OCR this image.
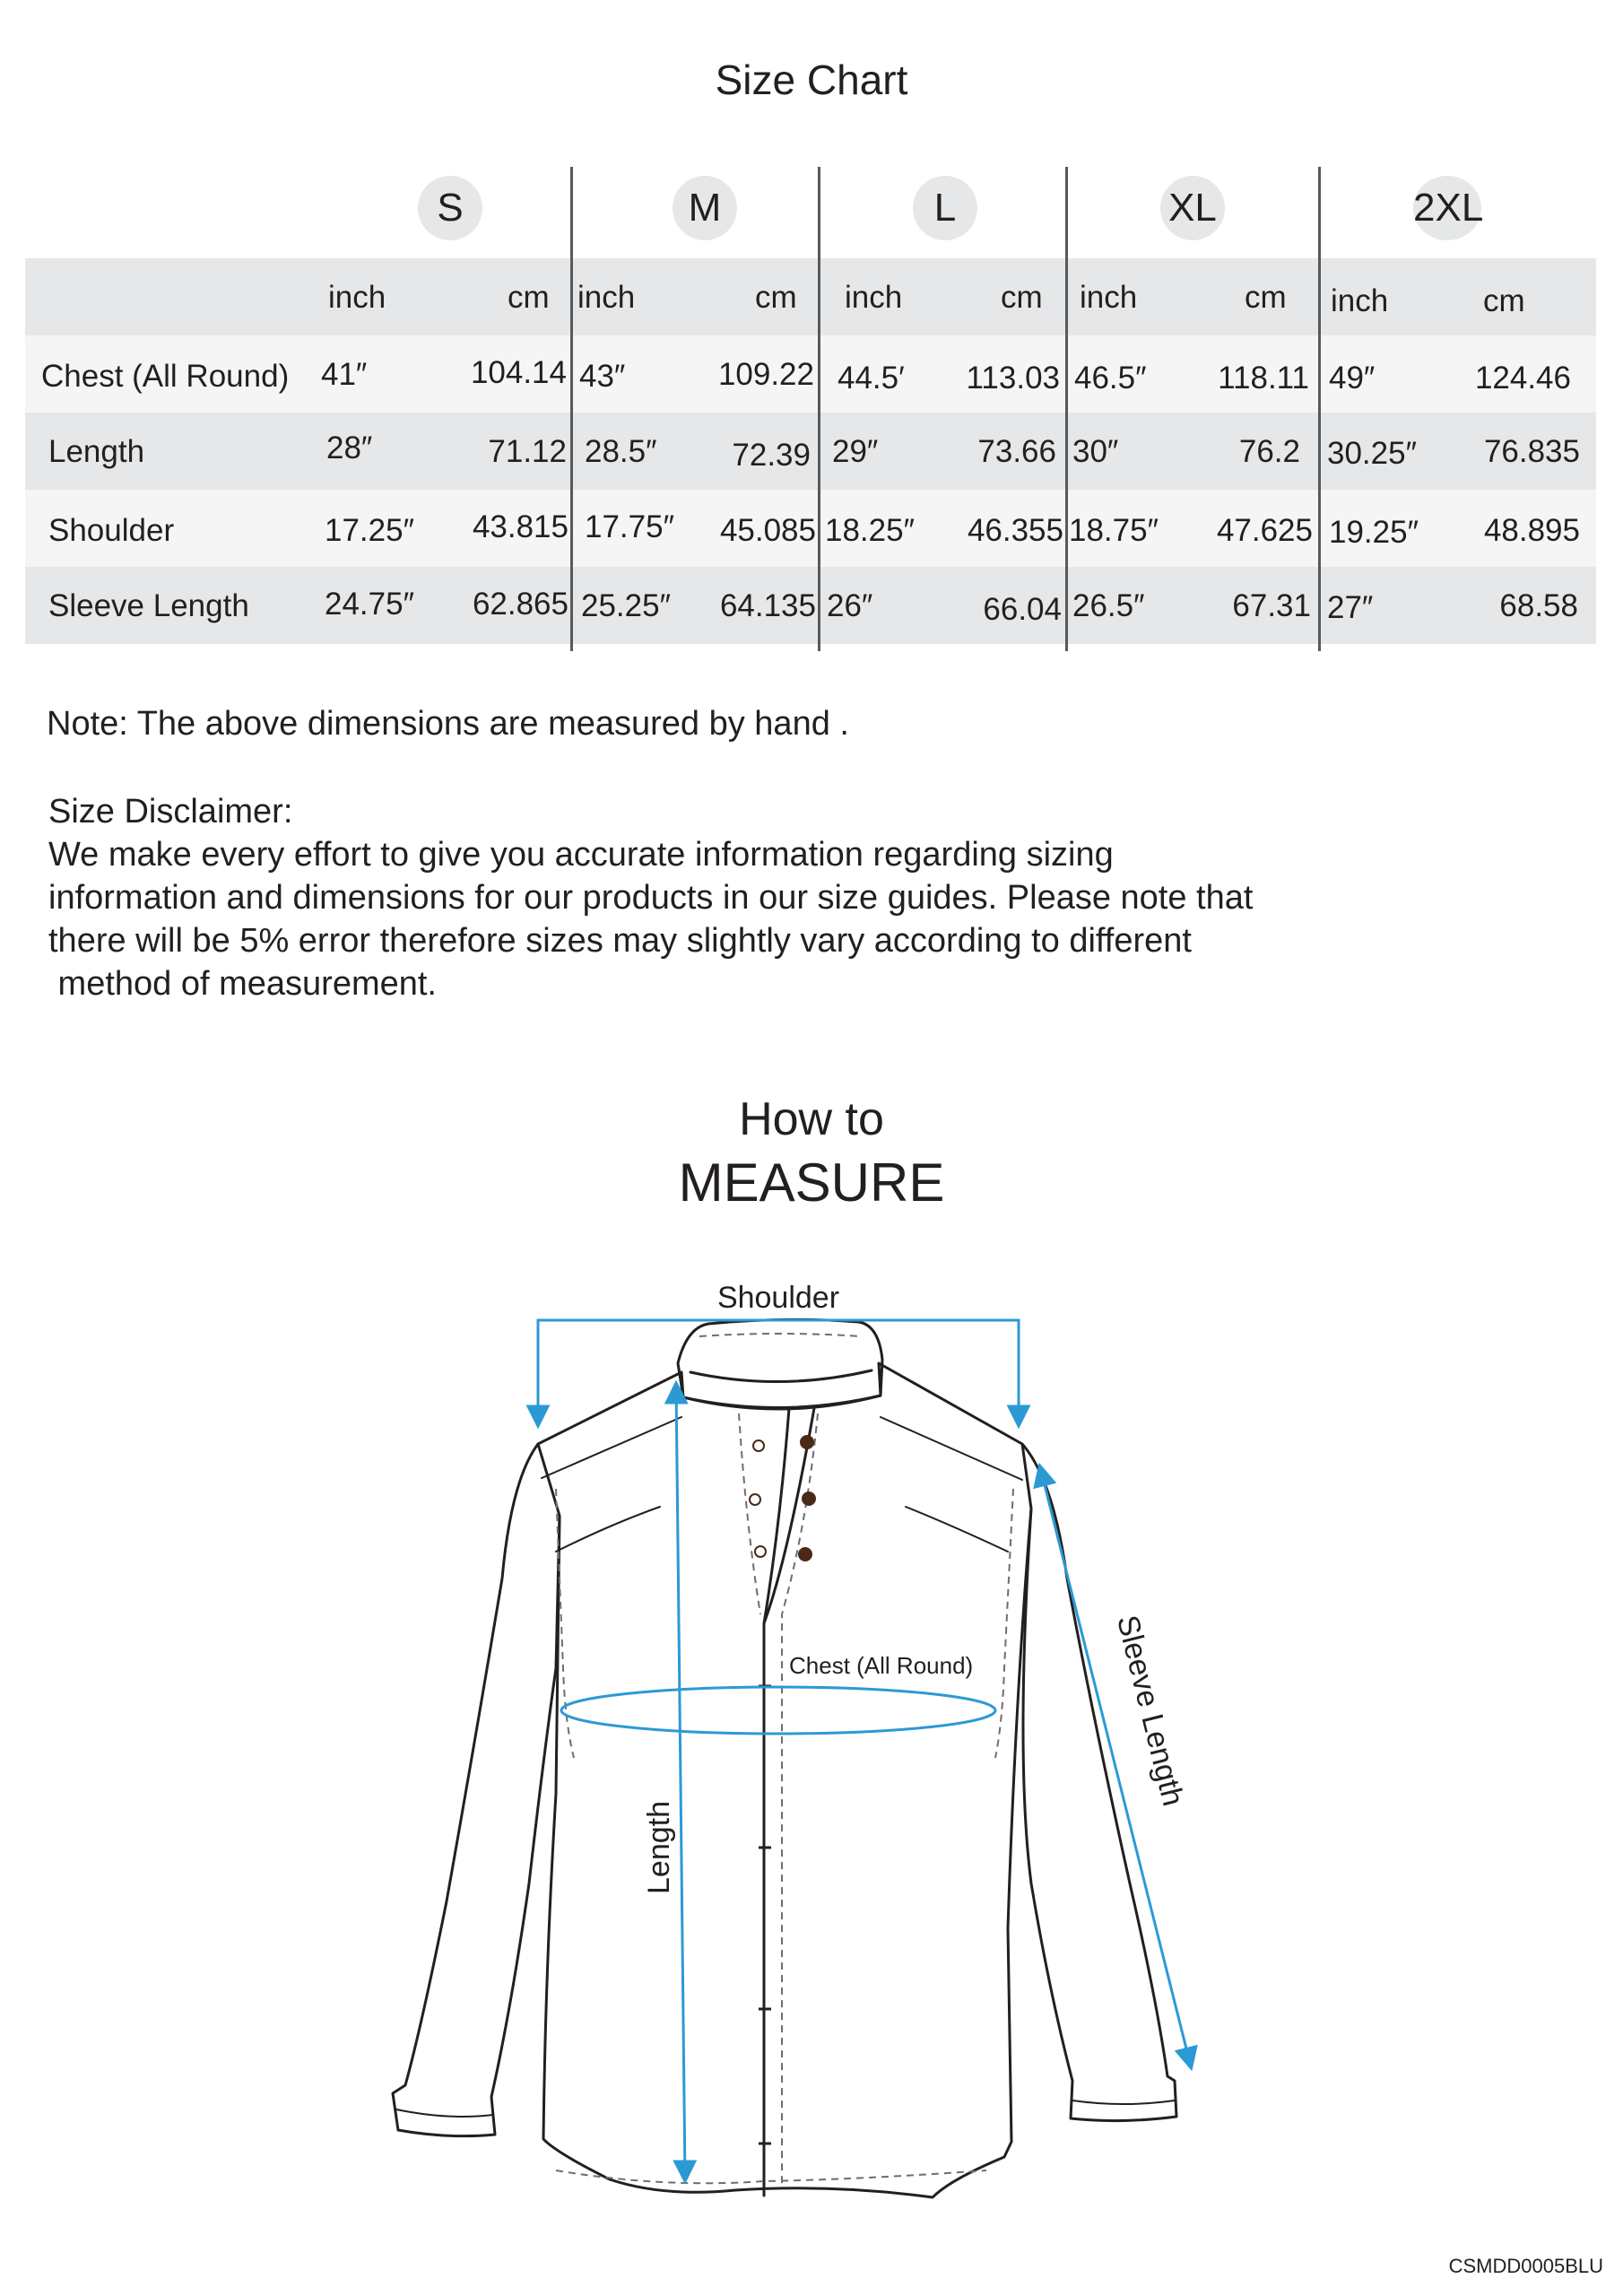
Size Chart
S	M	L	XL	2XL
inch	cm inch	cm inch	cm inch	cm inch	cm
Chest (All Round) 41″	104.14 43″	109.22 44.5′ 113.03 46.5″ 118.11 49″	124.46
Length	28″	71.12 28.5″ 72.39 29″	73.66 30″	76.2 30.25″ 76.835
Shoulder	17.25″ 43.815 17.75″ 45.085 18.25″ 46.355 18.75″ 47.625 19.25″ 48.895
Sleeve Length 24.75″ 62.865 25.25″ 64.135 26″	66.04 26.5″	67.31 27″	68.58
Note: The above dimensions are measured by hand .
Size Disclaimer:
We make every effort to give you accurate information regarding sizing
information and dimensions for our products in our size guides. Please note that
there will be 5% error therefore sizes may slightly vary according to different
method of measurement.
How to
MEASURE
Shoulder
Chest (All Round)
Length
Sleeve Length
CSMDD0005BLU
